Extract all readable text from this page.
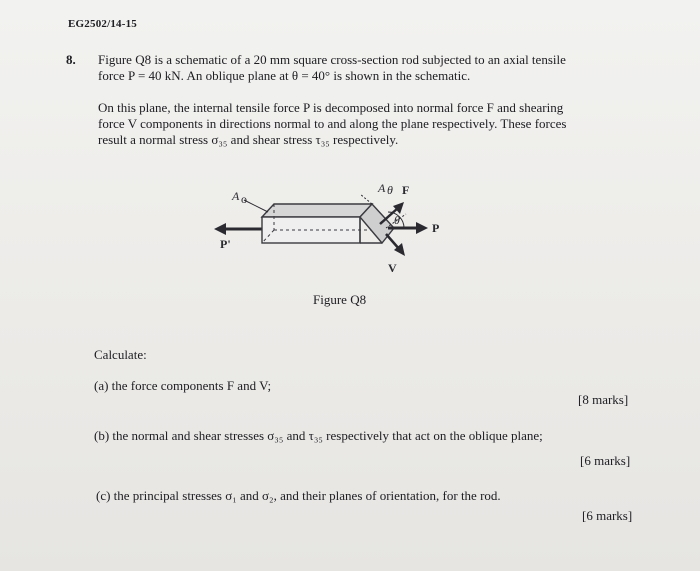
EG2502/14-15
8. Figure Q8 is a schematic of a 20 mm square cross-section rod subjected to an axial tensile
force P = 40 kN. An oblique plane at θ = 40° is shown in the schematic.

On this plane, the internal tensile force P is decomposed into normal force F and shearing
force V components in directions normal to and along the plane respectively. These forces
result a normal stress σ₃₅ and shear stress τ₃₅ respectively.

A o
A θ F
θ
P
P'
V
Figure Q8
Calculate:
(a) the force components F and V;
[8 marks]
(b) the normal and shear stresses σ₃₅ and τ₃₅ respectively that act on the oblique plane;
[6 marks]
(c) the principal stresses σ₁ and σ₂, and their planes of orientation, for the rod.
[6 marks]
